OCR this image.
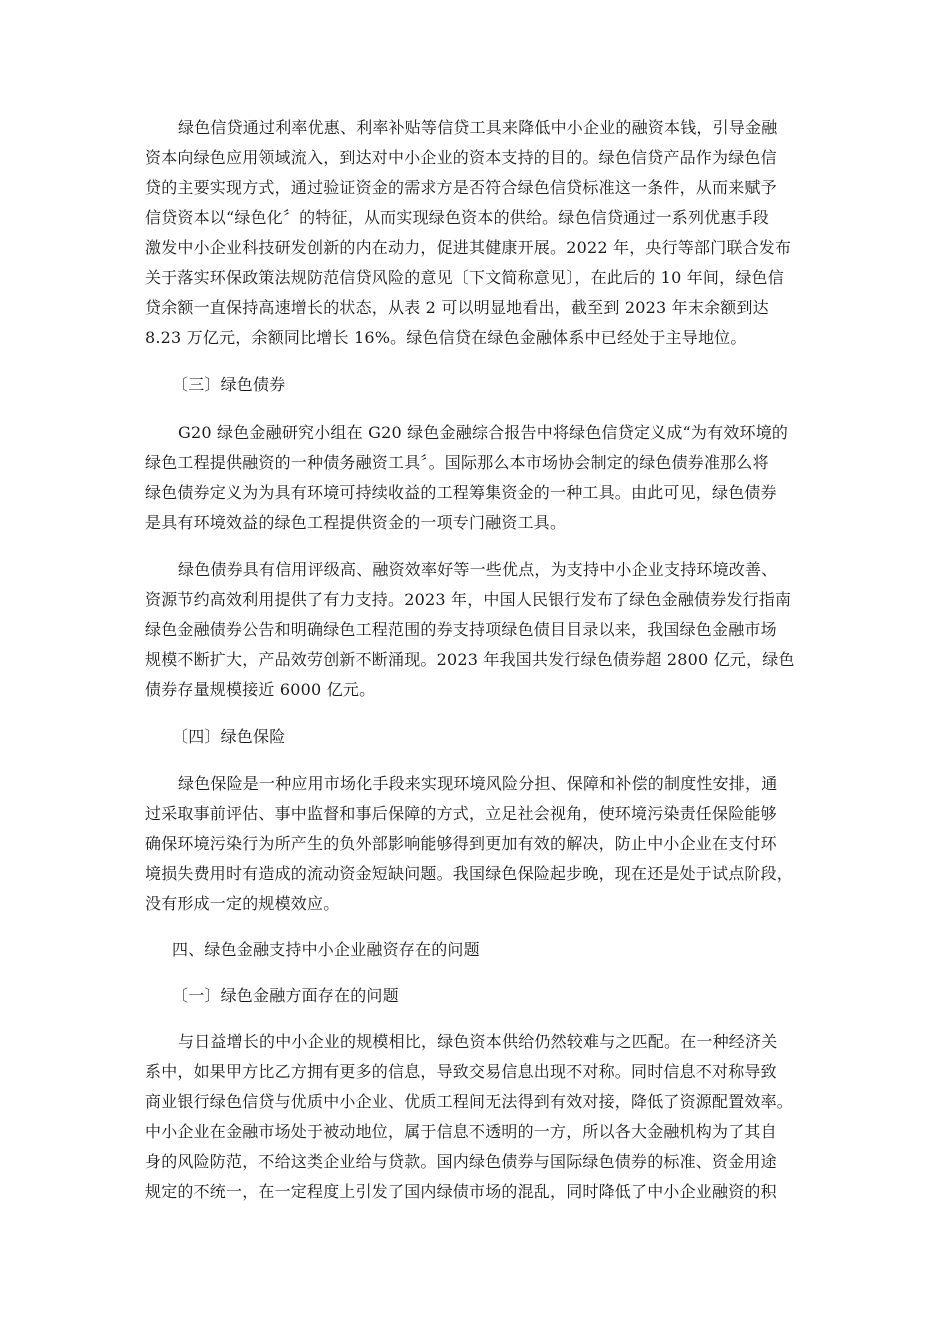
绿色信贷通过利率优惠、利率补贴等信贷工具来降低中小企业的融资本钱，引导金融
资本向绿色应用领域流入，到达对中小企业的资本支持的目的。绿色信贷产品作为绿色信
贷的主要实现方式，通过验证资金的需求方是否符合绿色信贷标准这一条件，从而来赋予
信贷资本以“绿色化〞的特征，从而实现绿色资本的供给。绿色信贷通过一系列优惠手段
激发中小企业科技研发创新的内在动力，促进其健康开展。2022 年，央行等部门联合发布
关于落实环保政策法规防范信贷风险的意见〔下文简称意见〕，在此后的 10 年间，绿色信
贷余额一直保持高速增长的状态，从表 2 可以明显地看出，截至到 2023 年末余额到达
8.23 万亿元，余额同比增长 16%。绿色信贷在绿色金融体系中已经处于主导地位。
〔三〕绿色债券
G20 绿色金融研究小组在 G20 绿色金融综合报告中将绿色信贷定义成“为有效环境的
绿色工程提供融资的一种债务融资工具〞。国际那么本市场协会制定的绿色债券准那么将
绿色债券定义为为具有环境可持续收益的工程筹集资金的一种工具。由此可见，绿色债券
是具有环境效益的绿色工程提供资金的一项专门融资工具。
绿色债券具有信用评级高、融资效率好等一些优点，为支持中小企业支持环境改善、
资源节约高效利用提供了有力支持。2023 年，中国人民银行发布了绿色金融债券发行指南
绿色金融债券公告和明确绿色工程范围的券支持项绿色债目目录以来，我国绿色金融市场
规模不断扩大，产品效劳创新不断涌现。2023 年我国共发行绿色债券超 2800 亿元，绿色
债券存量规模接近 6000 亿元。
〔四〕绿色保险
绿色保险是一种应用市场化手段来实现环境风险分担、保障和补偿的制度性安排，通
过采取事前评估、事中监督和事后保障的方式，立足社会视角，使环境污染责任保险能够
确保环境污染行为所产生的负外部影响能够得到更加有效的解决，防止中小企业在支付环
境损失费用时有造成的流动资金短缺问题。我国绿色保险起步晚，现在还是处于试点阶段，
没有形成一定的规模效应。
四、绿色金融支持中小企业融资存在的问题
〔一〕绿色金融方面存在的问题
与日益增长的中小企业的规模相比，绿色资本供给仍然较难与之匹配。在一种经济关
系中，如果甲方比乙方拥有更多的信息，导致交易信息出现不对称。同时信息不对称导致
商业银行绿色信贷与优质中小企业、优质工程间无法得到有效对接，降低了资源配置效率。
中小企业在金融市场处于被动地位，属于信息不透明的一方，所以各大金融机构为了其自
身的风险防范，不给这类企业给与贷款。国内绿色债券与国际绿色债券的标准、资金用途
规定的不统一，在一定程度上引发了国内绿债市场的混乱，同时降低了中小企业融资的积
